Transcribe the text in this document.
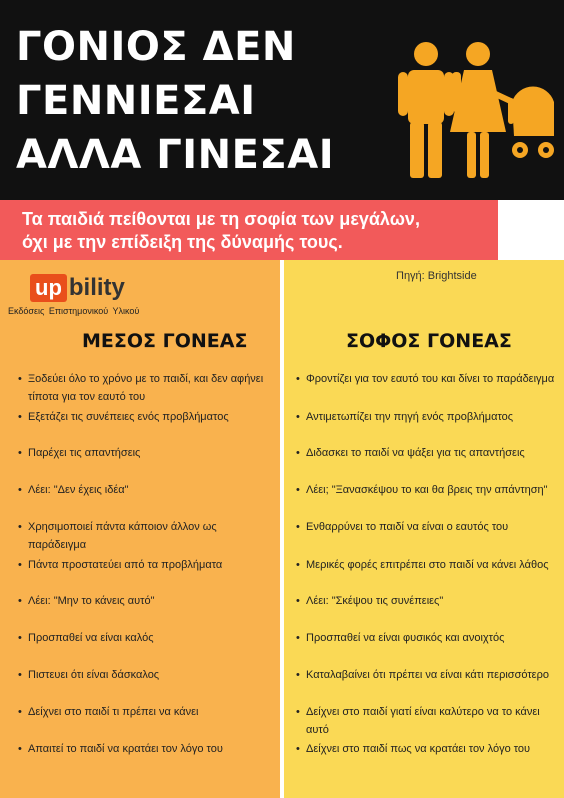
ΓΟΝΙΟΣ ΔΕΝ
ΓΕΝΝΙΕΣΑΙ
ΑΛΛΑ ΓΙΝΕΣΑΙ
Τα παιδιά πείθονται με τη σοφία των μεγάλων,
όχι με την επίδειξη της δύναμής τους.
up bility
Εκδόσεις Επιστημονικού Υλικού
Πηγή: Brightside
ΜΕΣΟΣ ΓΟΝΕΑΣ	ΣΟΦΟΣ ΓΟΝΕΑΣ
• Ξοδεύει όλο το χρόνο με το παιδί, και δεν αφήνει τίποτα για τον εαυτό του
• Εξετάζει τις συνέπειες ενός προβλήματος
• Παρέχει τις απαντήσεις
• Λέει: "Δεν έχεις ιδέα"
• Χρησιμοποιεί πάντα κάποιον άλλον ως παράδειγμα
• Πάντα προστατεύει από τα προβλήματα
• Λέει: "Μην το κάνεις αυτό"
• Προσπαθεί να είναι καλός
• Πιστευει ότι είναι δάσκαλος
• Δείχνει στο παιδί τι πρέπει να κάνει
• Απαιτεί το παιδί να κρατάει τον λόγο του
• Φροντίζει για τον εαυτό του και δίνει το παράδειγμα
• Αντιμετωπίζει την πηγή ενός προβλήματος
• Διδασκει το παιδί να ψάξει για τις απαντήσεις
• Λέει; "Ξανασκέψου το και θα βρεις την απάντηση"
• Ενθαρρύνει το παιδί να είναι ο εαυτός του
• Μερικές φορές επιτρέπει στο παιδί να κάνει λάθος
• Λέει: "Σκέψου τις συνέπειες"
• Προσπαθεί να είναι φυσικός και ανοιχτός
• Καταλαβαίνει ότι πρέπει να είναι κάτι περισσότερο
• Δείχνει στο παιδί γιατί είναι καλύτερο να το κάνει αυτό
• Δείχνει στο παιδί πως να κρατάει τον λόγο του
